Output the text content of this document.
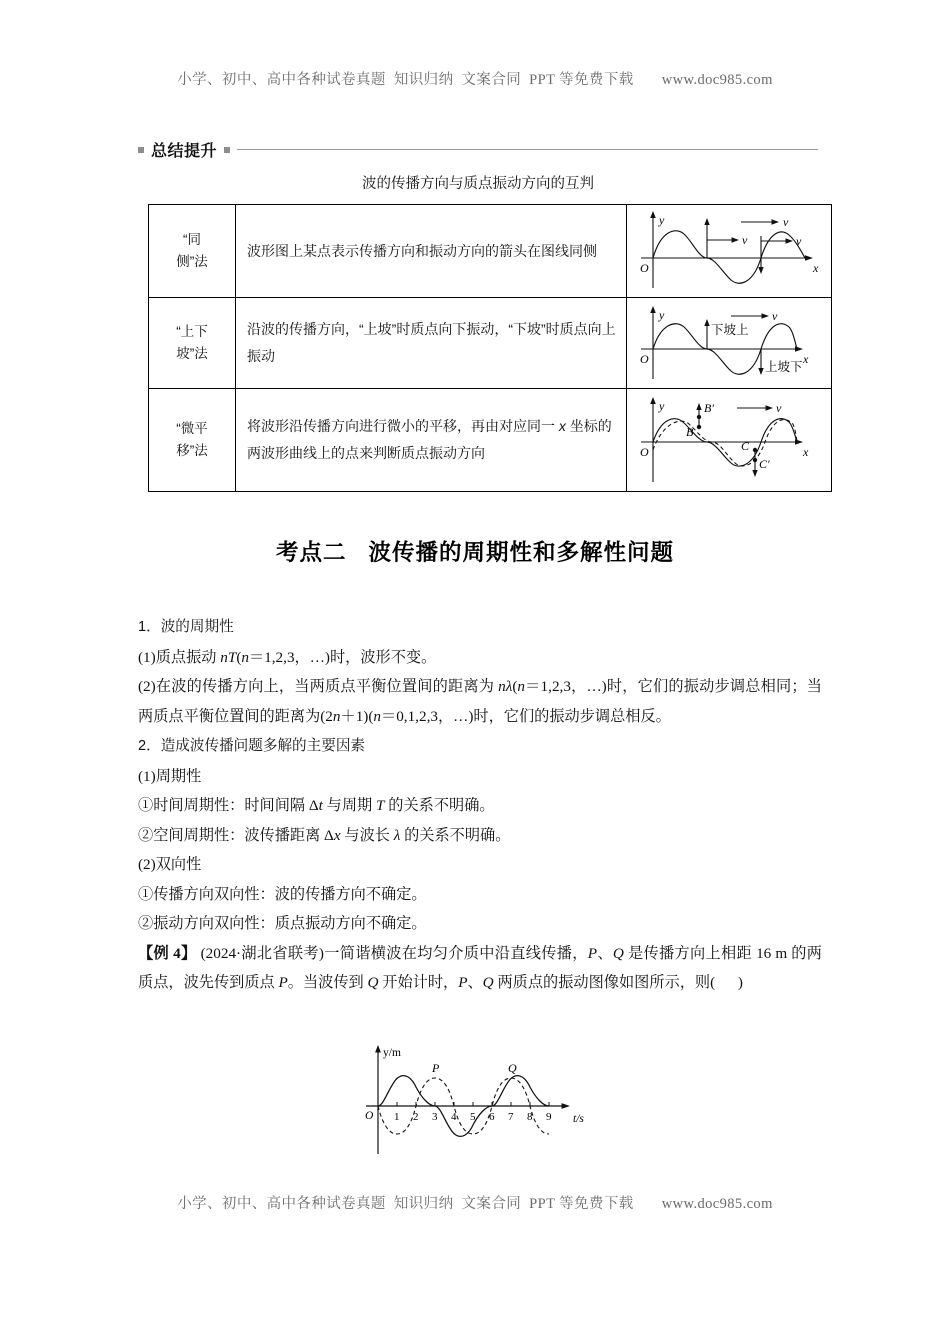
小学、初中、高中各种试卷真题  知识归纳  文案合同  PPT 等免费下载       www.doc985.com
总结提升
波的传播方向与质点振动方向的互判
“同
侧”法
	波形图上某点表示传播方向和振动方向的箭头在图线同侧	
O
y
x
v
v
v

“上下
坡”法
	沿波的传播方向，“上坡”时质点向下振动，“下坡”时质点向上振动	O
y
x
下坡上
上坡下
v

“微平
移”法
	将波形沿传播方向进行微小的平移，再由对应同一 x 坐标的两波形曲线上的点来判断质点振动方向	O
y
x
B
B′
C
C′
v
考点二 波传播的周期性和多解性问题
1．波的周期性
(1)质点振动 nT(n＝1,2,3，…)时，波形不变。
(2)在波的传播方向上，当两质点平衡位置间的距离为 nλ(n＝1,2,3，…)时，它们的振动步调总相同；当两质点平衡位置间的距离为(2n＋1)(n＝0,1,2,3，…)时，它们的振动步调总相反。
2．造成波传播问题多解的主要因素
(1)周期性
①时间周期性：时间间隔 Δt 与周期 T 的关系不明确。
②空间周期性：波传播距离 Δx 与波长 λ 的关系不明确。
(2)双向性
①传播方向双向性：波的传播方向不确定。
②振动方向双向性：质点振动方向不确定。
【例 4】 (2024·湖北省联考)一简谐横波在均匀介质中沿直线传播，P、Q 是传播方向上相距 16 m 的两质点，波先传到质点 P。当波传到 Q 开始计时，P、Q 两质点的振动图像如图所示，则(      )
y/m
t/s
O 1 2 3 4 5 6 7 8 9
P	Q
小学、初中、高中各种试卷真题  知识归纳  文案合同  PPT 等免费下载       www.doc985.com
